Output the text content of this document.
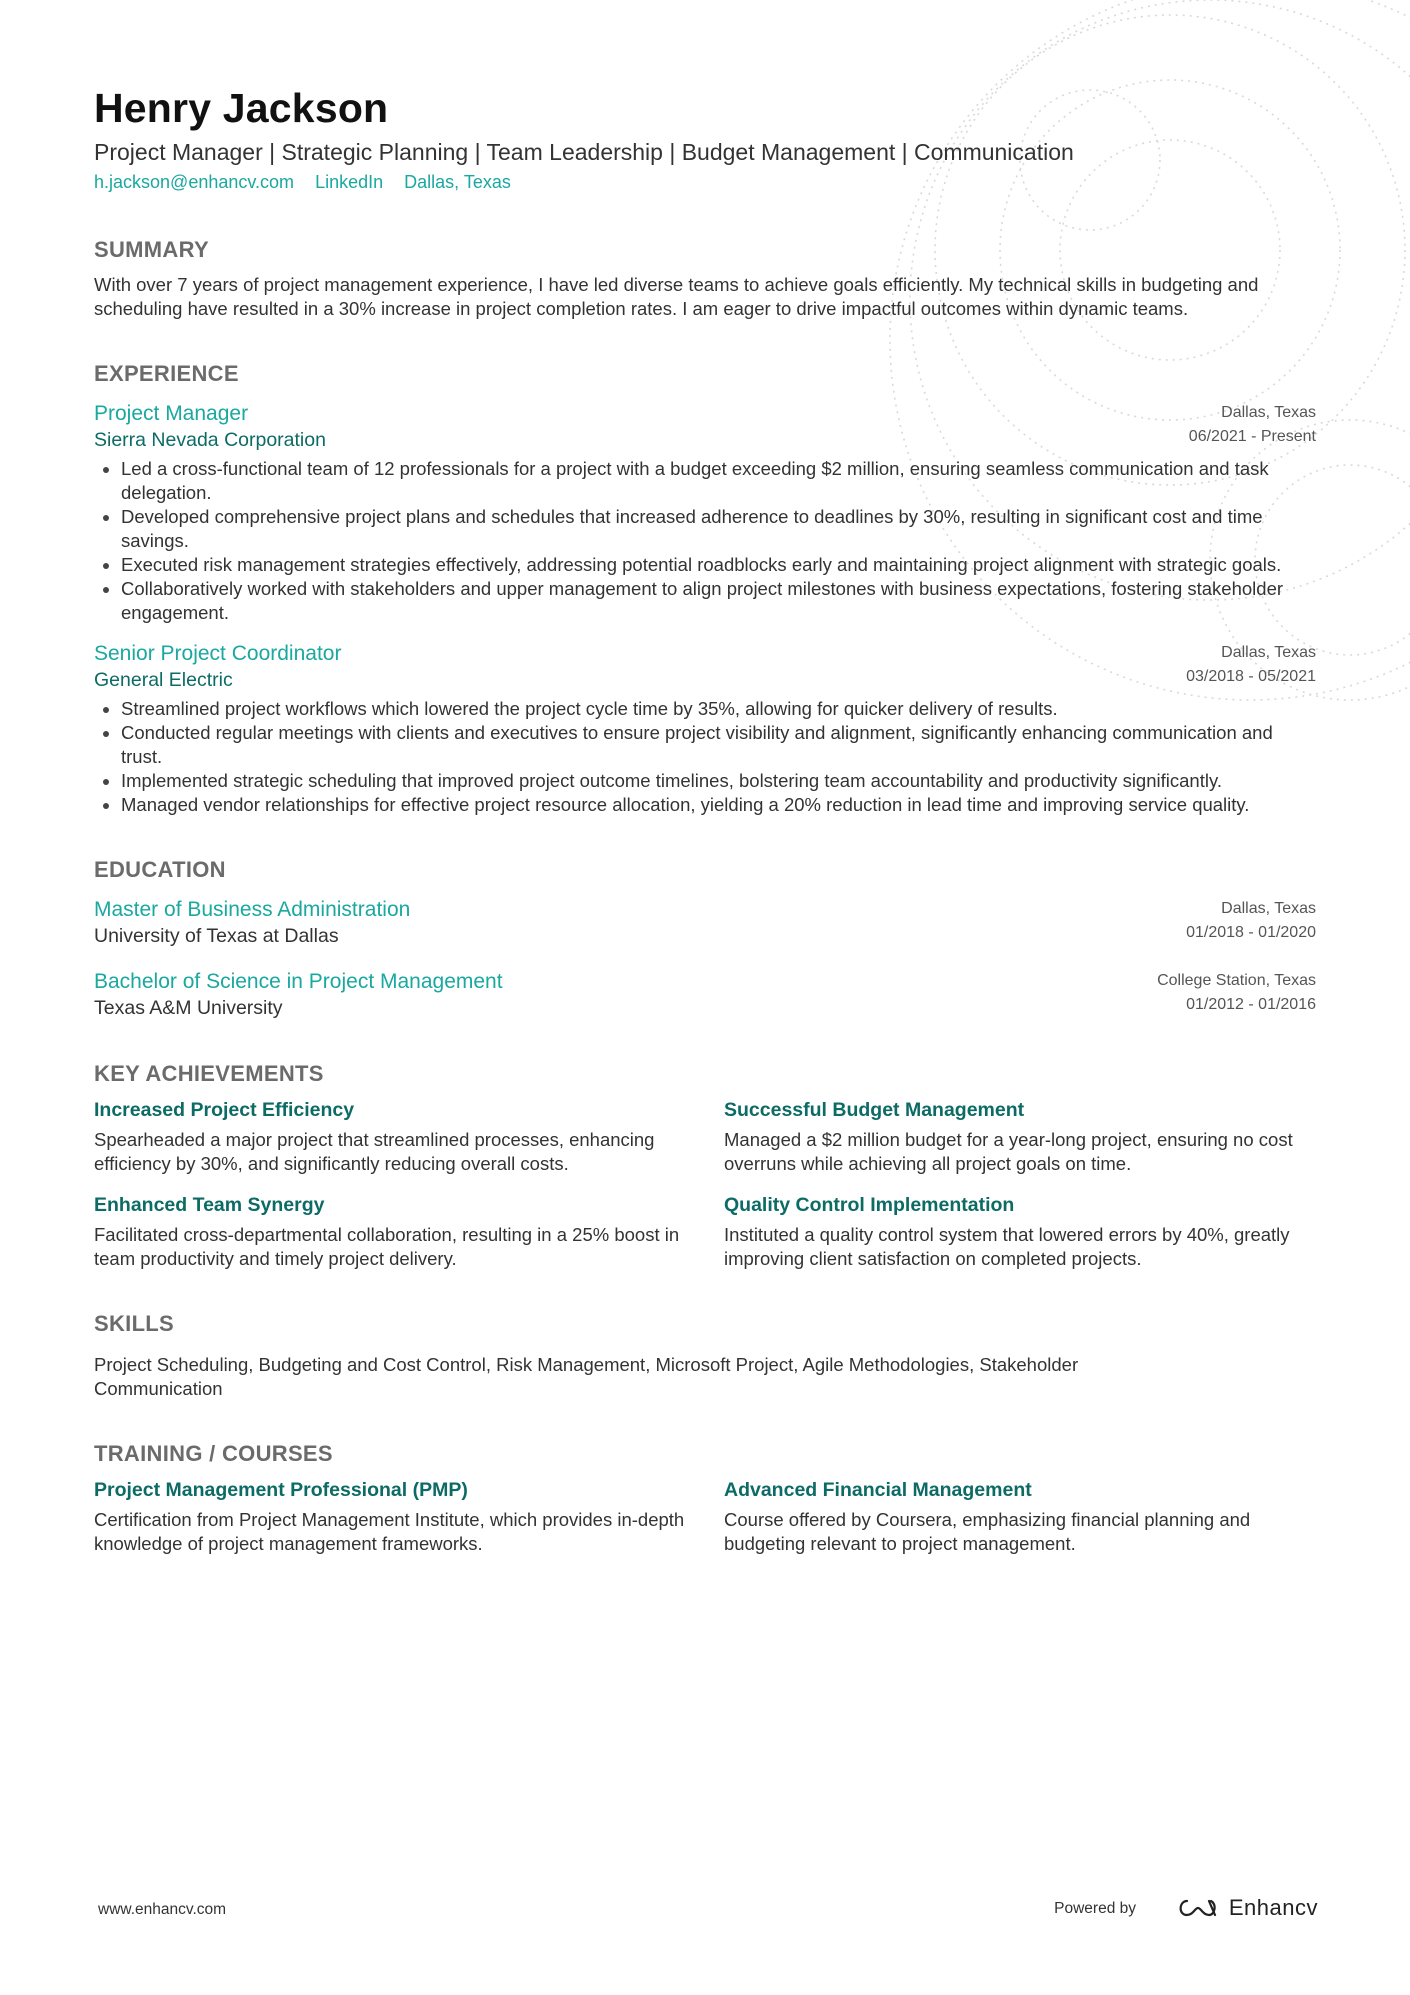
Henry Jackson
Project Manager | Strategic Planning | Team Leadership | Budget Management | Communication
h.jackson@enhancv.com LinkedIn Dallas, Texas
SUMMARY
With over 7 years of project management experience, I have led diverse teams to achieve goals efficiently. My technical skills in budgeting and scheduling have resulted in a 30% increase in project completion rates. I am eager to drive impactful outcomes within dynamic teams.
EXPERIENCE
Project Manager
Sierra Nevada Corporation
Dallas, Texas
06/2021 - Present
Led a cross-functional team of 12 professionals for a project with a budget exceeding $2 million, ensuring seamless communication and task delegation.
Developed comprehensive project plans and schedules that increased adherence to deadlines by 30%, resulting in significant cost and time savings.
Executed risk management strategies effectively, addressing potential roadblocks early and maintaining project alignment with strategic goals.
Collaboratively worked with stakeholders and upper management to align project milestones with business expectations, fostering stakeholder engagement.
Senior Project Coordinator
General Electric
Dallas, Texas
03/2018 - 05/2021
Streamlined project workflows which lowered the project cycle time by 35%, allowing for quicker delivery of results.
Conducted regular meetings with clients and executives to ensure project visibility and alignment, significantly enhancing communication and trust.
Implemented strategic scheduling that improved project outcome timelines, bolstering team accountability and productivity significantly.
Managed vendor relationships for effective project resource allocation, yielding a 20% reduction in lead time and improving service quality.
EDUCATION
Master of Business Administration
University of Texas at Dallas
Dallas, Texas
01/2018 - 01/2020
Bachelor of Science in Project Management
Texas A&M University
College Station, Texas
01/2012 - 01/2016
KEY ACHIEVEMENTS
Increased Project Efficiency
Spearheaded a major project that streamlined processes, enhancing efficiency by 30%, and significantly reducing overall costs.
Successful Budget Management
Managed a $2 million budget for a year-long project, ensuring no cost overruns while achieving all project goals on time.
Enhanced Team Synergy
Facilitated cross-departmental collaboration, resulting in a 25% boost in team productivity and timely project delivery.
Quality Control Implementation
Instituted a quality control system that lowered errors by 40%, greatly improving client satisfaction on completed projects.
SKILLS
Project Scheduling, Budgeting and Cost Control, Risk Management, Microsoft Project, Agile Methodologies, Stakeholder Communication
TRAINING / COURSES
Project Management Professional (PMP)
Certification from Project Management Institute, which provides in-depth knowledge of project management frameworks.
Advanced Financial Management
Course offered by Coursera, emphasizing financial planning and budgeting relevant to project management.
www.enhancv.com	Powered by	Enhancv
